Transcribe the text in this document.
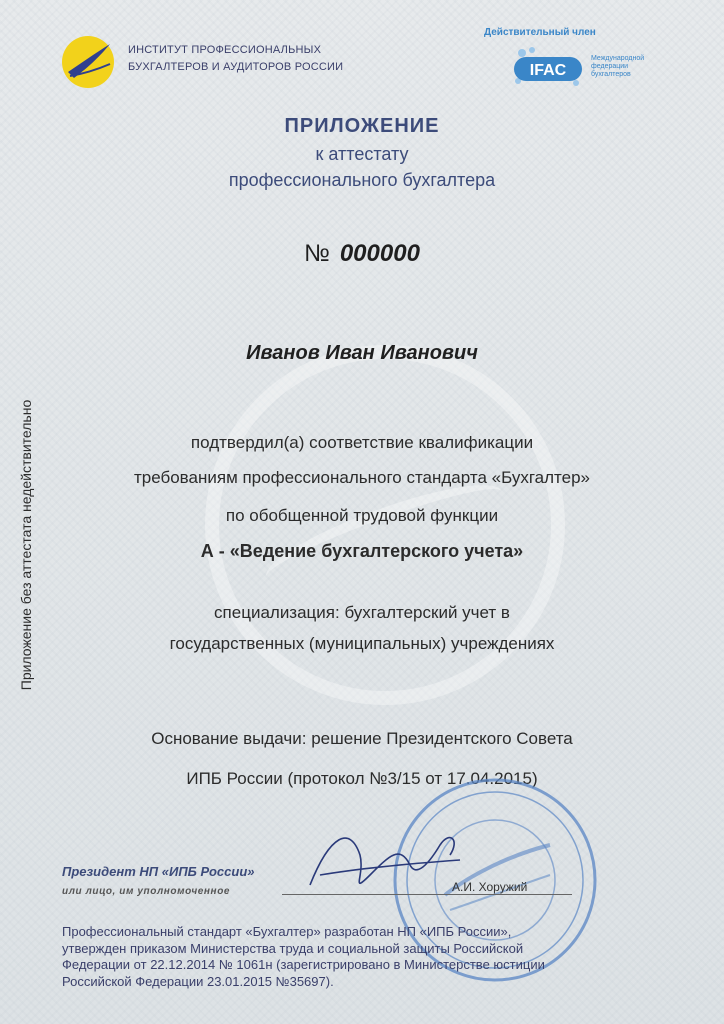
ИНСТИТУТ ПРОФЕССИОНАЛЬНЫХ
БУХГАЛТЕРОВ И АУДИТОРОВ РОССИИ
Действительный член
IFAC
Международной
федерации
бухгалтеров
ПРИЛОЖЕНИЕ
к аттестату
профессионального бухгалтера
№ 000000
Иванов Иван Иванович
подтвердил(а) соответствие квалификации
требованиям профессионального стандарта «Бухгалтер»
по обобщенной трудовой функции
А - «Ведение бухгалтерского учета»
специализация: бухгалтерский учет в
государственных (муниципальных) учреждениях
Основание выдачи: решение Президентского Совета
ИПБ России (протокол №3/15 от 17.04.2015)
Приложение без аттестата недействительно
Президент НП «ИПБ России»
или лицо, им уполномоченное	А.И. Хоружий
Профессиональный стандарт «Бухгалтер» разработан НП «ИПБ России»,
утвержден приказом Министерства труда и социальной защиты Российской
Федерации от 22.12.2014 № 1061н (зарегистрировано в Министерстве юстиции
Российской Федерации 23.01.2015 №35697).
